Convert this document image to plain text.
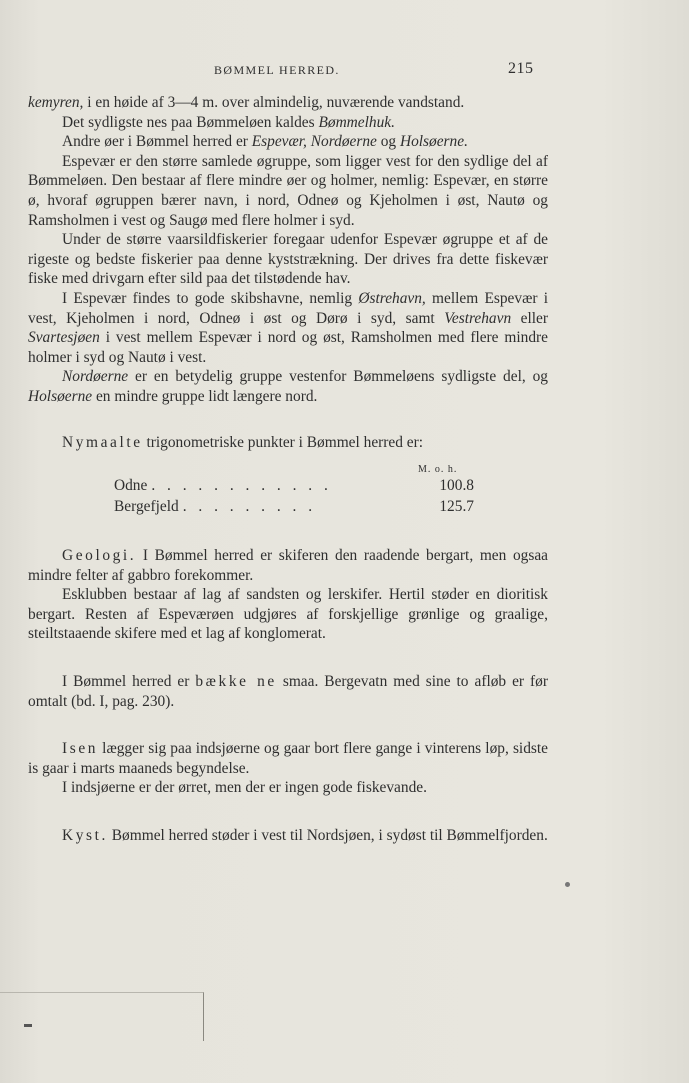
BØMMEL HERRED.	215

kemyren, i en høide af 3—4 m. over almindelig, nuværende vandstand.

Det sydligste nes paa Bømmeløen kaldes Bømmelhuk.

Andre øer i Bømmel herred er Espevær, Nordøerne og Holsøerne.

Espevær er den større samlede øgruppe, som ligger vest for den sydlige del af Bømmeløen. Den bestaar af flere mindre øer og holmer, nemlig: Espevær, en større ø, hvoraf øgruppen bærer navn, i nord, Odneø og Kjeholmen i øst, Nautø og Ramsholmen i vest og Saugø med flere holmer i syd.

Under de større vaarsildfiskerier foregaar udenfor Espevær øgruppe et af de rigeste og bedste fiskerier paa denne kyststrækning. Der drives fra dette fiskevær fiske med drivgarn efter sild paa det tilstødende hav.

I Espevær findes to gode skibshavne, nemlig Østrehavn, mellem Espevær i vest, Kjeholmen i nord, Odneø i øst og Dørø i syd, samt Vestrehavn eller Svartesjøen i vest mellem Espevær i nord og øst, Ramsholmen med flere mindre holmer i syd og Nautø i vest.

Nordøerne er en betydelig gruppe vestenfor Bømmeløens sydligste del, og Holsøerne en mindre gruppe lidt længere nord.

Nymaalte trigonometriske punkter i Bømmel herred er:

M. o. h.
Odne . . . . . . . . . . . .	100.8
Bergefjeld . . . . . . . . .	125.7

Geologi. I Bømmel herred er skiferen den raadende bergart, men ogsaa mindre felter af gabbro forekommer.

Esklubben bestaar af lag af sandsten og lerskifer. Hertil støder en dioritisk bergart. Resten af Espeværøen udgjøres af forskjellige grønlige og graalige, steiltstaaende skifere med et lag af konglomerat.

I Bømmel herred er bække ne smaa. Bergevatn med sine to afløb er før omtalt (bd. I, pag. 230).

Isen lægger sig paa indsjøerne og gaar bort flere gange i vinterens løp, sidste is gaar i marts maaneds begyndelse.

I indsjøerne er der ørret, men der er ingen gode fiskevande.

Kyst. Bømmel herred støder i vest til Nordsjøen, i sydøst til Bømmelfjorden.
